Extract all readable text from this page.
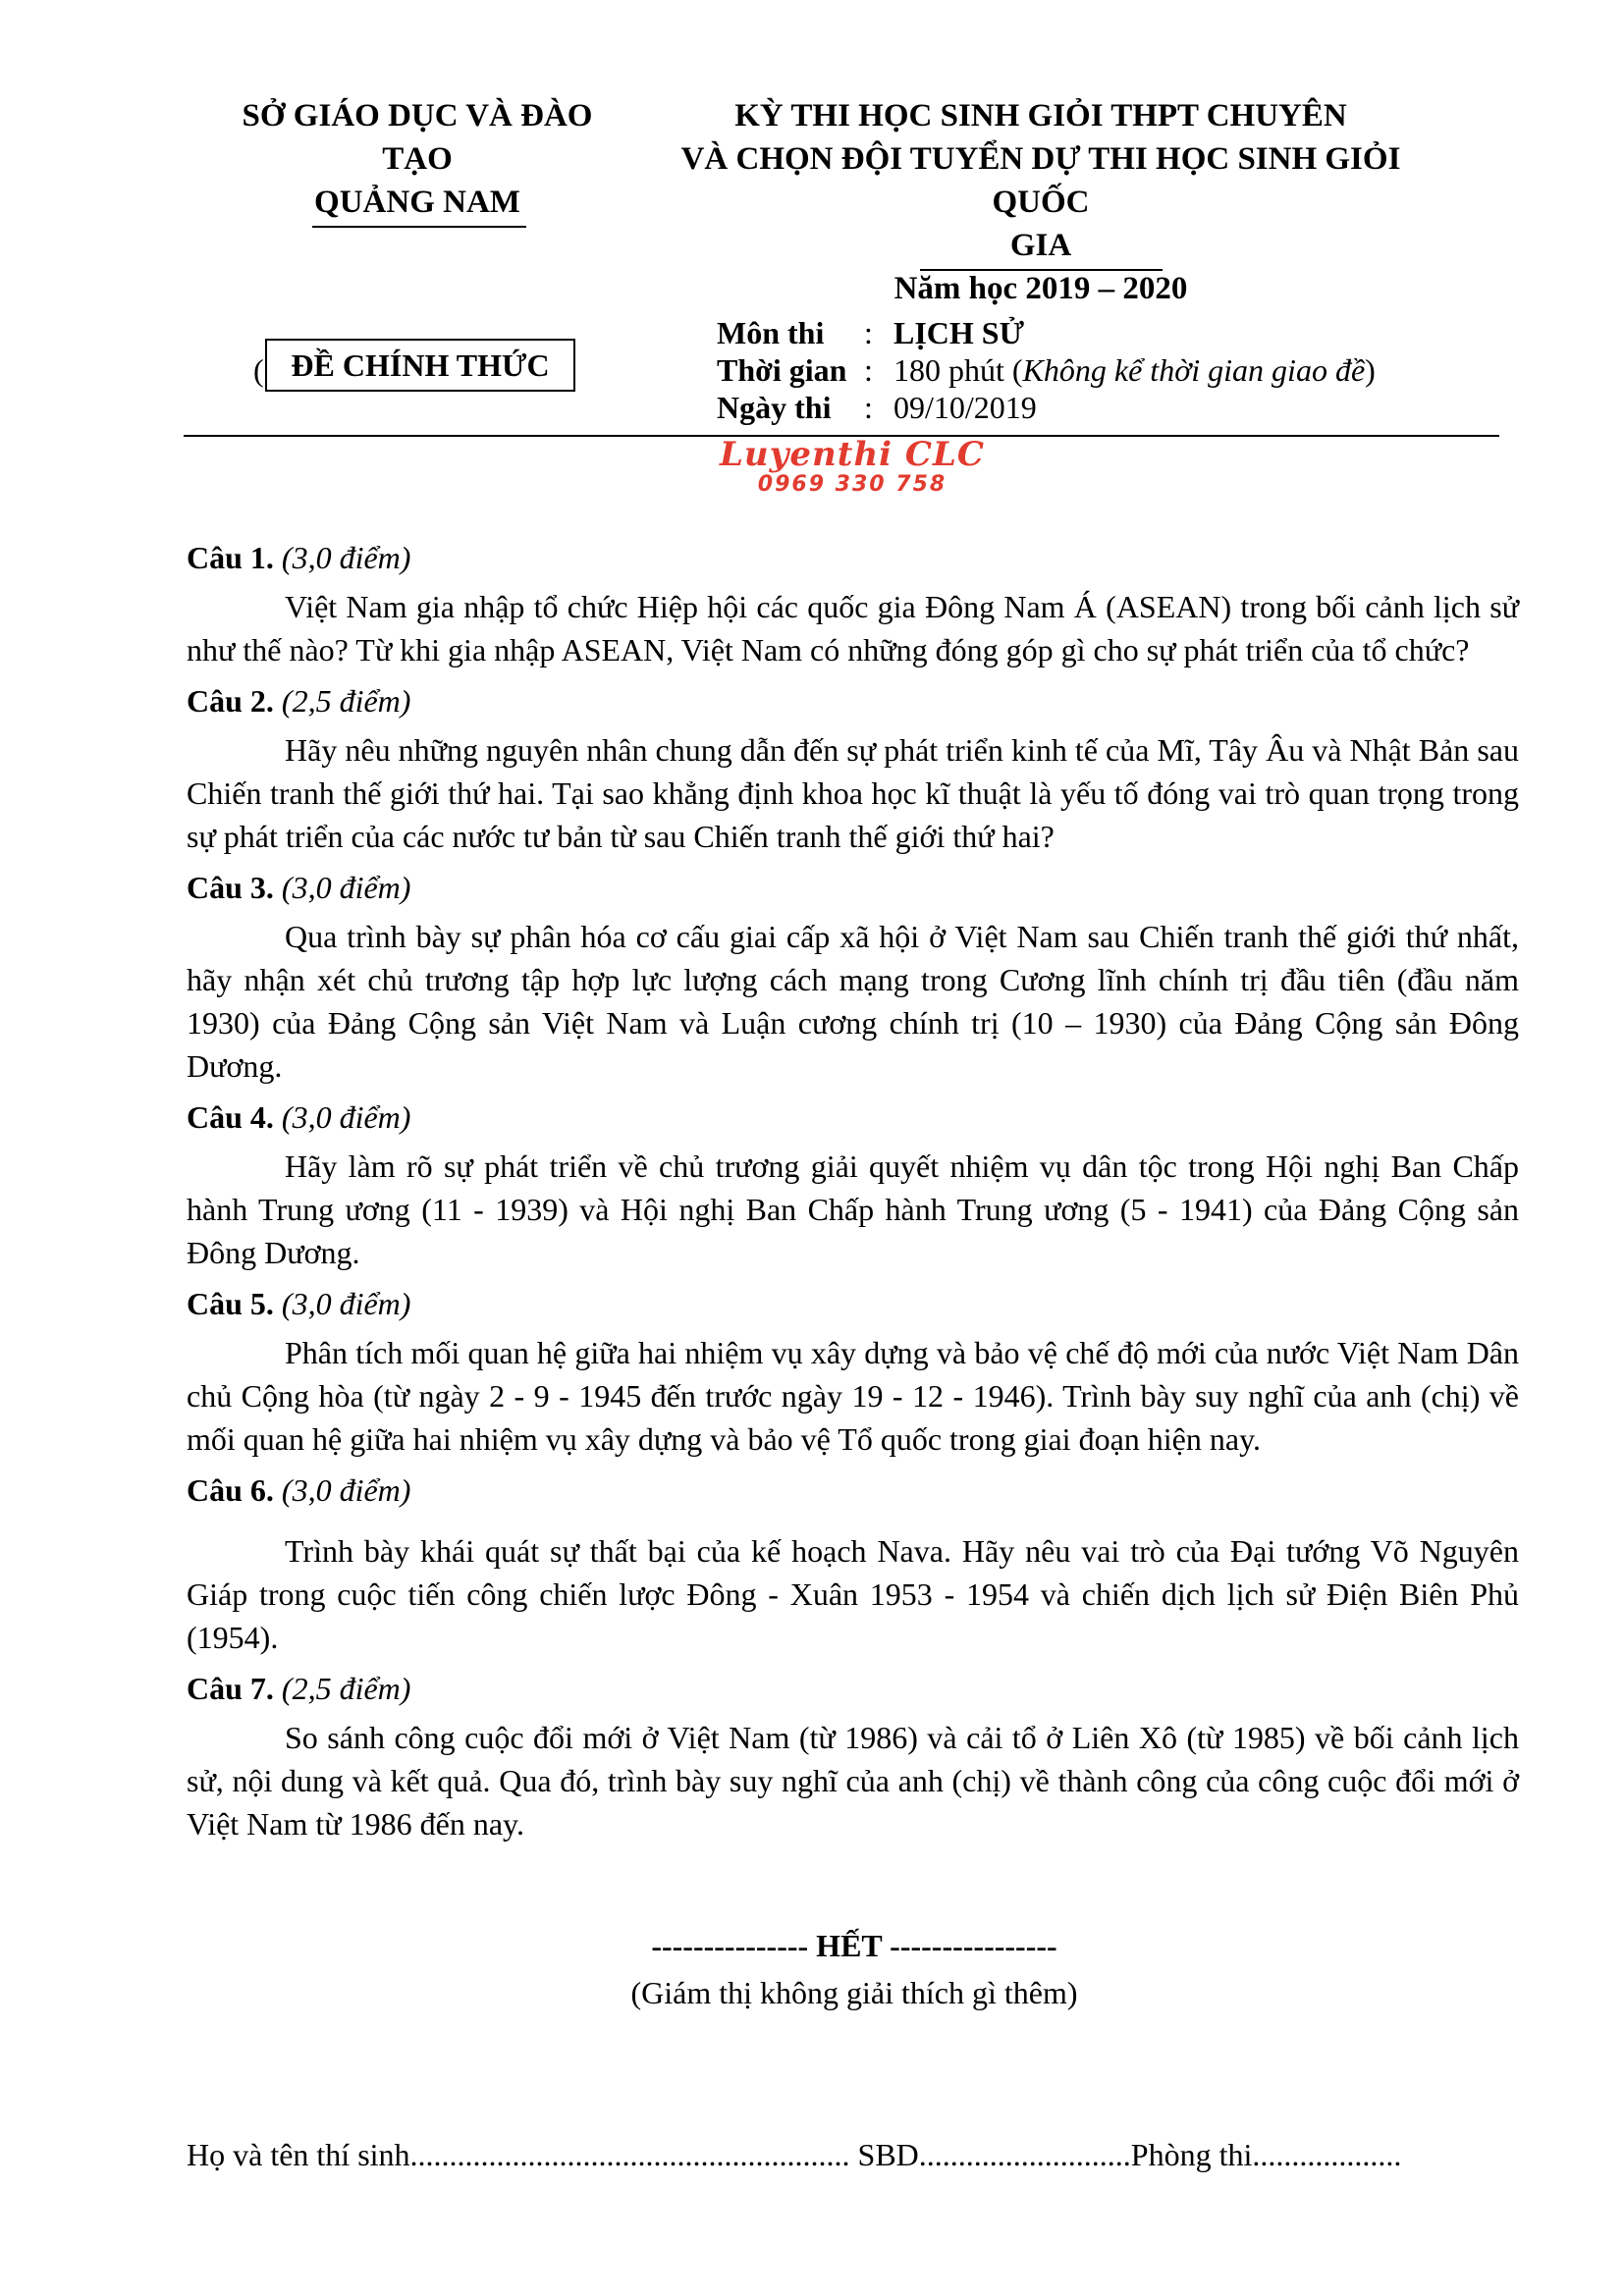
SỞ GIÁO DỤC VÀ ĐÀO
TẠO
QUẢNG NAM
KỲ THI HỌC SINH GIỎI THPT CHUYÊN
VÀ CHỌN ĐỘI TUYỂN DỰ THI HỌC SINH GIỎI QUỐC
GIA
Năm học 2019 – 2020
( ĐỀ CHÍNH THỨC
Môn thi	: LỊCH SỬ
Thời gian : 180 phút (Không kể thời gian giao đề)
Ngày thi	: 09/10/2019
Luyenthi CLC
0969 330 758

Câu 1. (3,0 điểm)

Việt Nam gia nhập tổ chức Hiệp hội các quốc gia Đông Nam Á (ASEAN) trong bối cảnh lịch sử như thế nào? Từ khi gia nhập ASEAN, Việt Nam có những đóng góp gì cho sự phát triển của tổ chức?

Câu 2. (2,5 điểm)

Hãy nêu những nguyên nhân chung dẫn đến sự phát triển kinh tế của Mĩ, Tây Âu và Nhật Bản sau Chiến tranh thế giới thứ hai. Tại sao khẳng định khoa học kĩ thuật là yếu tố đóng vai trò quan trọng trong sự phát triển của các nước tư bản từ sau Chiến tranh thế giới thứ hai?

Câu 3. (3,0 điểm)

Qua trình bày sự phân hóa cơ cấu giai cấp xã hội ở Việt Nam sau Chiến tranh thế giới thứ nhất, hãy nhận xét chủ trương tập hợp lực lượng cách mạng trong Cương lĩnh chính trị đầu tiên (đầu năm 1930) của Đảng Cộng sản Việt Nam và Luận cương chính trị (10 – 1930) của Đảng Cộng sản Đông Dương.

Câu 4. (3,0 điểm)

Hãy làm rõ sự phát triển về chủ trương giải quyết nhiệm vụ dân tộc trong Hội nghị Ban Chấp hành Trung ương (11 - 1939) và Hội nghị Ban Chấp hành Trung ương (5 - 1941) của Đảng Cộng sản Đông Dương.

Câu 5. (3,0 điểm)

Phân tích mối quan hệ giữa hai nhiệm vụ xây dựng và bảo vệ chế độ mới của nước Việt Nam Dân chủ Cộng hòa (từ ngày 2 - 9 - 1945 đến trước ngày 19 - 12 - 1946). Trình bày suy nghĩ của anh (chị) về mối quan hệ giữa hai nhiệm vụ xây dựng và bảo vệ Tổ quốc trong giai đoạn hiện nay.

Câu 6. (3,0 điểm)

Trình bày khái quát sự thất bại của kế hoạch Nava. Hãy nêu vai trò của Đại tướng Võ Nguyên Giáp trong cuộc tiến công chiến lược Đông - Xuân 1953 - 1954 và chiến dịch lịch sử Điện Biên Phủ (1954).

Câu 7. (2,5 điểm)

So sánh công cuộc đổi mới ở Việt Nam (từ 1986) và cải tổ ở Liên Xô (từ 1985) về bối cảnh lịch sử, nội dung và kết quả. Qua đó, trình bày suy nghĩ của anh (chị) về thành công của công cuộc đổi mới ở Việt Nam từ 1986 đến nay.

--------------- HẾT ----------------
(Giám thị không giải thích gì thêm)
Họ và tên thí sinh........................................................ SBD...........................Phòng thi...................
